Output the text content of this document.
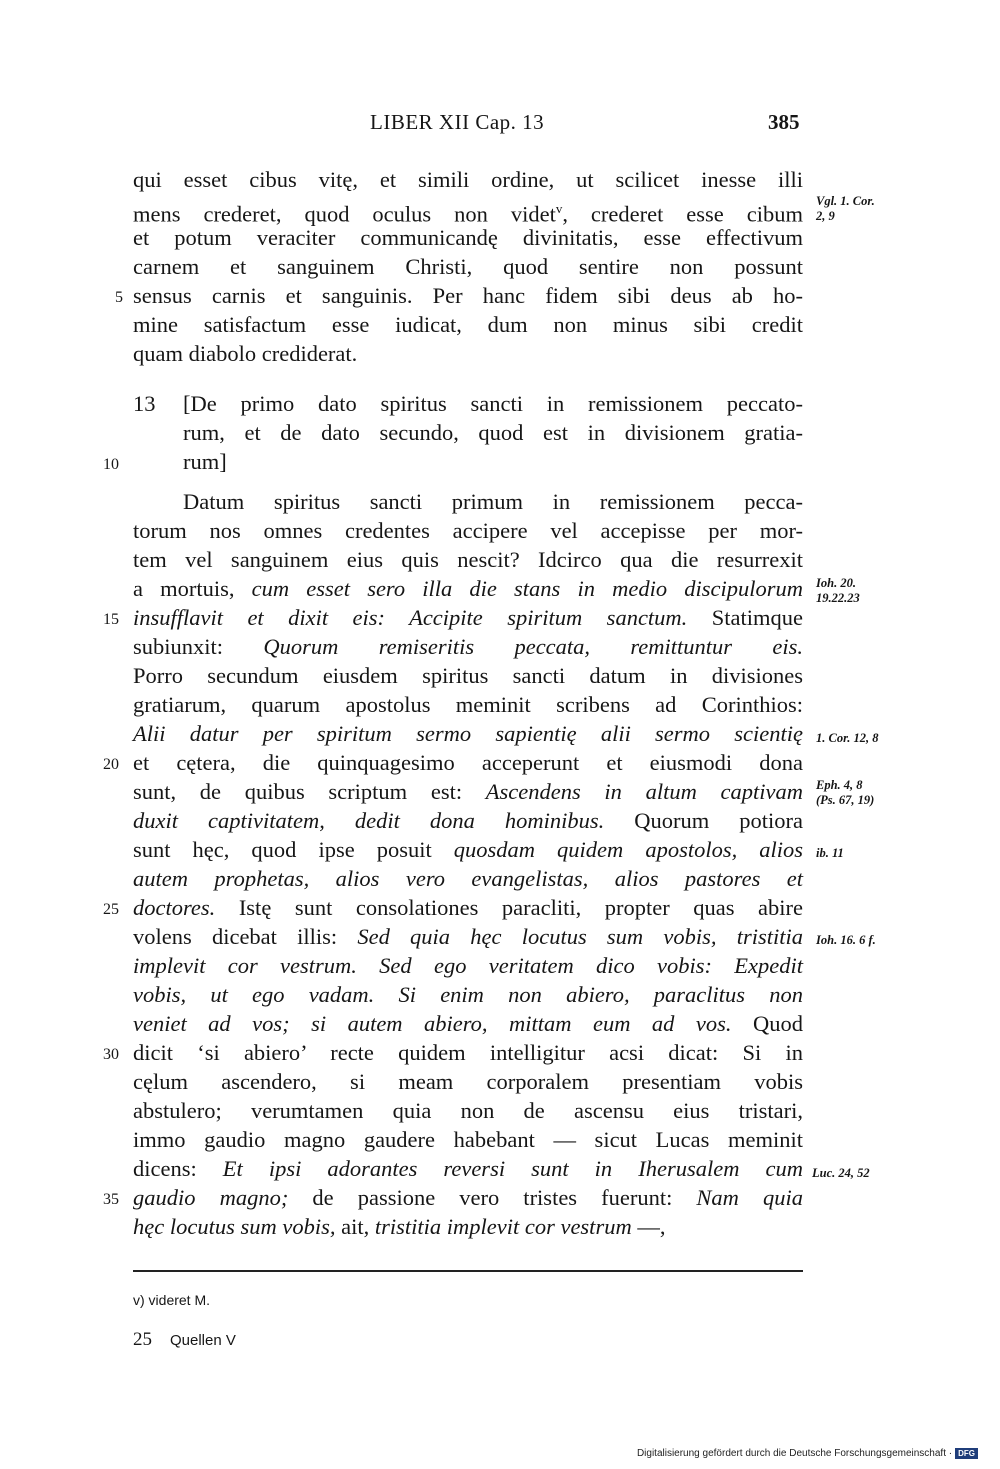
LIBER XII Cap. 13	385
qui esset cibus vitę, et simili ordine, ut scilicet inesse illi
mens crederet, quod oculus non videt$^v$, crederet esse cibum
et potum veraciter communicandę divinitatis, esse effectivum
carnem et sanguinem Christi, quod sentire non possunt
sensus carnis et sanguinis. Per hanc fidem sibi deus ab ho-
mine satisfactum esse iudicat, dum non minus sibi credit
quam diabolo crediderat.
13 [De primo dato spiritus sancti in remissionem peccato-
rum, et de dato secundo, quod est in divisionem gratia-
rum]
Datum spiritus sancti primum in remissionem pecca-
torum nos omnes credentes accipere vel accepisse per mor-
tem vel sanguinem eius quis nescit? Idcirco qua die resurrexit
a mortuis, cum esset sero illa die stans in medio discipulorum
insufflavit et dixit eis: Accipite spiritum sanctum. Statimque
subiunxit: Quorum remiseritis peccata, remittuntur eis.
Porro secundum eiusdem spiritus sancti datum in divisiones
gratiarum, quarum apostolus meminit scribens ad Corinthios:
Alii datur per spiritum sermo sapientię alii sermo scientię
et cętera, die quinquagesimo acceperunt et eiusmodi dona
sunt, de quibus scriptum est: Ascendens in altum captivam
duxit captivitatem, dedit dona hominibus. Quorum potiora
sunt hęc, quod ipse posuit quosdam quidem apostolos, alios
autem prophetas, alios vero evangelistas, alios pastores et
doctores. Istę sunt consolationes paracliti, propter quas abire
volens dicebat illis: Sed quia hęc locutus sum vobis, tristitia
implevit cor vestrum. Sed ego veritatem dico vobis: Expedit
vobis, ut ego vadam. Si enim non abiero, paraclitus non
veniet ad vos; si autem abiero, mittam eum ad vos. Quod
dicit ‘si abiero’ recte quidem intelligitur acsi dicat: Si in
cęlum ascendero, si meam corporalem presentiam vobis
abstulero; verumtamen quia non de ascensu eius tristari,
immo gaudio magno gaudere habebant — sicut Lucas meminit
dicens: Et ipsi adorantes reversi sunt in Iherusalem cum
gaudio magno; de passione vero tristes fuerunt: Nam quia
hęc locutus sum vobis, ait, tristitia implevit cor vestrum —,
5
10
15
20
25
30
35
Vgl. 1. Cor.
2, 9
Ioh. 20.
19.22.23
1. Cor. 12, 8
Eph. 4, 8
(Ps. 67, 19)
ib. 11
Ioh. 16. 6 f.
Luc. 24, 52
v) videret M.
25 Quellen V
Digitalisierung gefördert durch die Deutsche Forschungsgemeinschaft · DFG
